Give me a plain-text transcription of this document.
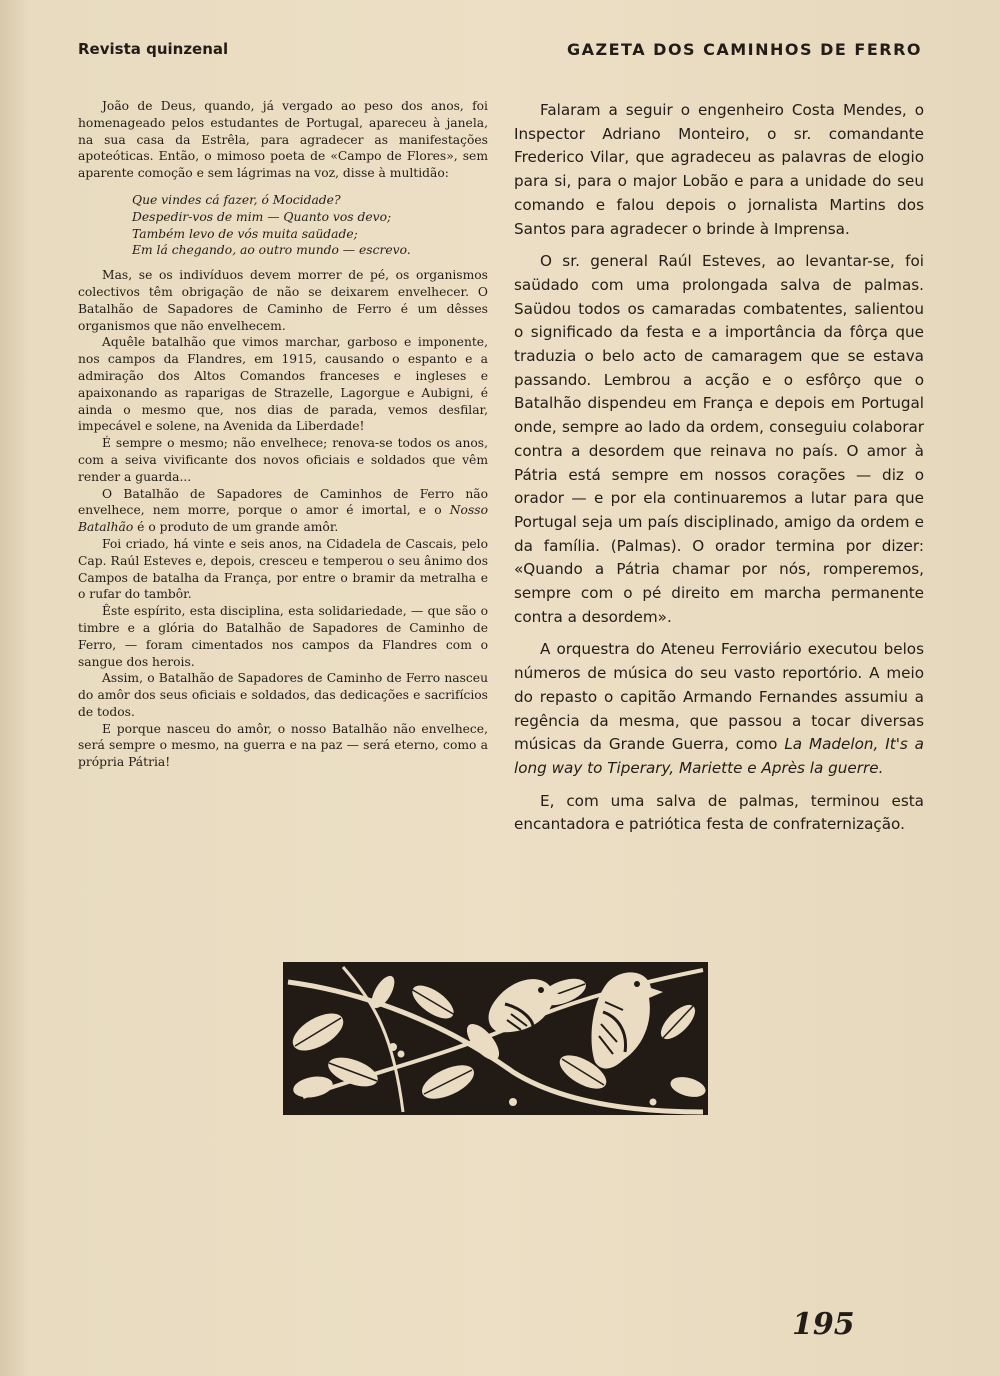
Revista quinzenal	GAZETA DOS CAMINHOS DE FERRO

João de Deus, quando, já vergado ao peso dos anos, foi homenageado pelos estudantes de Portugal, apareceu à janela, na sua casa da Estrêla, para agradecer as manifestações apoteóticas. Então, o mimoso poeta de «Campo de Flores», sem aparente comoção e sem lágrimas na voz, disse à multidão:

Que vindes cá fazer, ó Mocidade?
Despedir-vos de mim — Quanto vos devo;
Também levo de vós muita saüdade;
Em lá chegando, ao outro mundo — escrevo.

Mas, se os indivíduos devem morrer de pé, os organismos colectivos têm obrigação de não se deixarem envelhecer. O Batalhão de Sapadores de Caminho de Ferro é um dêsses organismos que não envelhecem.

Aquêle batalhão que vimos marchar, garboso e imponente, nos campos da Flandres, em 1915, causando o espanto e a admiração dos Altos Comandos franceses e ingleses e apaixonando as raparigas de Strazelle, Lagorgue e Aubigni, é ainda o mesmo que, nos dias de parada, vemos desfilar, impecável e solene, na Avenida da Liberdade!

É sempre o mesmo; não envelhece; renova-se todos os anos, com a seiva vivificante dos novos oficiais e soldados que vêm render a guarda...

O Batalhão de Sapadores de Caminhos de Ferro não envelhece, nem morre, porque o amor é imortal, e o Nosso Batalhão é o produto de um grande amôr.

Foi criado, há vinte e seis anos, na Cidadela de Cascais, pelo Cap. Raúl Esteves e, depois, cresceu e temperou o seu ânimo dos Campos de batalha da França, por entre o bramir da metralha e o rufar do tambôr.

Êste espírito, esta disciplina, esta solidariedade, — que são o timbre e a glória do Batalhão de Sapadores de Caminho de Ferro, — foram cimentados nos campos da Flandres com o sangue dos herois.

Assim, o Batalhão de Sapadores de Caminho de Ferro nasceu do amôr dos seus oficiais e soldados, das dedicações e sacrifícios de todos.

E porque nasceu do amôr, o nosso Batalhão não envelhece, será sempre o mesmo, na guerra e na paz — será eterno, como a própria Pátria!

Falaram a seguir o engenheiro Costa Mendes, o Inspector Adriano Monteiro, o sr. comandante Frederico Vilar, que agradeceu as palavras de elogio para si, para o major Lobão e para a unidade do seu comando e falou depois o jornalista Martins dos Santos para agradecer o brinde à Imprensa.

O sr. general Raúl Esteves, ao levantar-se, foi saüdado com uma prolongada salva de palmas. Saüdou todos os camaradas combatentes, salientou o significado da festa e a importância da fôrça que traduzia o belo acto de camaragem que se estava passando. Lembrou a acção e o esfôrço que o Batalhão dispendeu em França e depois em Portugal onde, sempre ao lado da ordem, conseguiu colaborar contra a desordem que reinava no país. O amor à Pátria está sempre em nossos corações — diz o orador — e por ela continuaremos a lutar para que Portugal seja um país disciplinado, amigo da ordem e da família. (Palmas). O orador termina por dizer: «Quando a Pátria chamar por nós, romperemos, sempre com o pé direito em marcha permanente contra a desordem».

A orquestra do Ateneu Ferroviário executou belos números de música do seu vasto reportório. A meio do repasto o capitão Armando Fernandes assumiu a regência da mesma, que passou a tocar diversas músicas da Grande Guerra, como La Madelon, It's a long way to Tiperary, Mariette e Après la guerre.

E, com uma salva de palmas, terminou esta encantadora e patriótica festa de confraternização.

195
